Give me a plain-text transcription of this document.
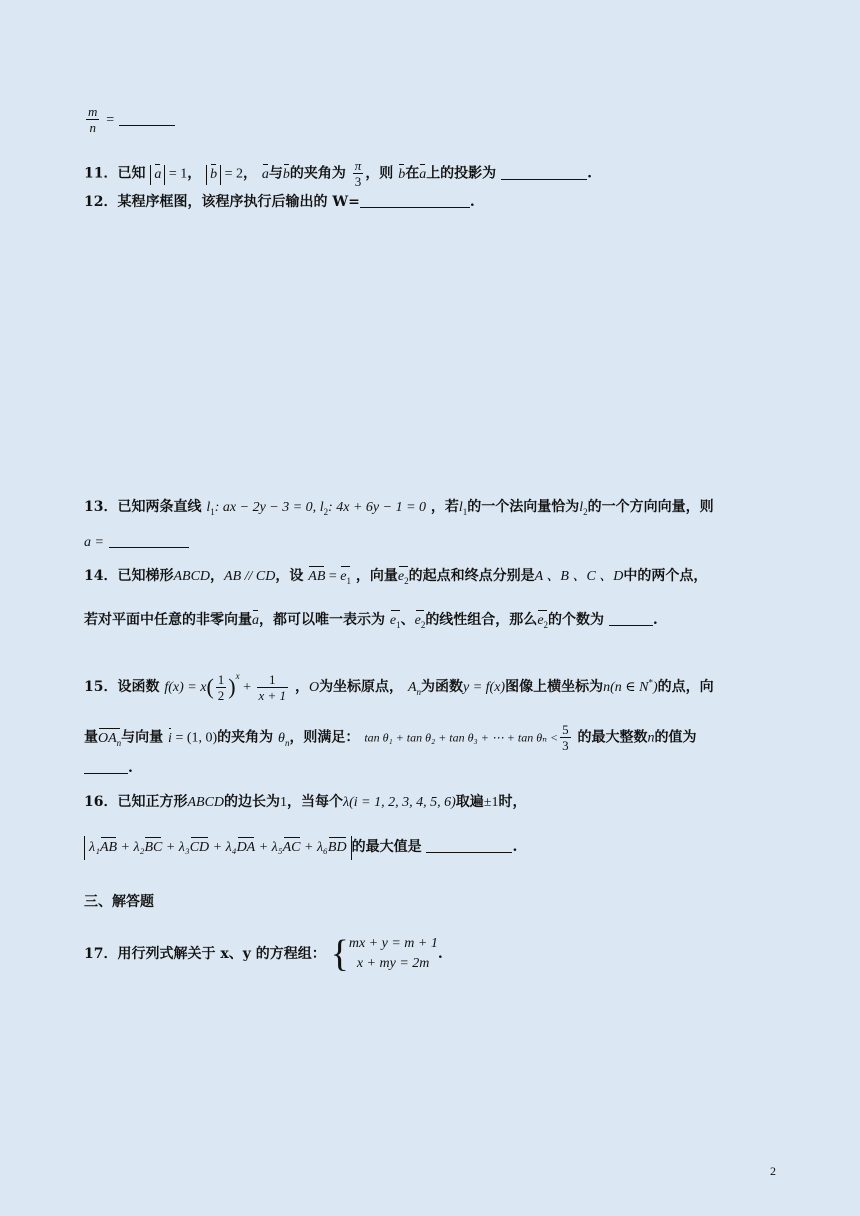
$\frac{m}{n}$ =
11．已知 a = 1， b = 2， a与b的夹角为 $\frac{\pi}{3}$ ，则 b在a上的投影为	.
12．某程序框图，该程序执行后输出的 W=	.
13．已知两条直线 $l_1$: ax − 2y − 3 = 0, $l_2$: 4x + 6y − 1 = 0 ，若$l_1$的一个法向量恰为$l_2$的一个方向向量，则
a =
14．已知梯形ABCD，AB // CD，设 AB = $e_1$ ，向量$e_2$的起点和终点分别是A 、B 、C 、D中的两个点，
若对平面中任意的非零向量a，都可以唯一表示为 $e_1$、$e_2$的线性组合，那么$e_2$的个数为	.
15．设函数 $f(x) = x( \frac{1}{2} )^x + \frac{1}{x + 1}$ ，O为坐标原点， $A_n$为函数y = f(x)图像上横坐标为n(n ∈ N*)的点，向
量$OA_n$与向量 i = (1, 0)的夹角为 $\theta_n$，则满足： tan θ₁ + tan θ₂ + tan θ₃ + ⋯ + $\tan \theta_n < \frac{5}{3}$ 的最大整数n的值为
.
16．已知正方形ABCD的边长为1，当每个λ(i = 1, 2, 3, 4, 5, 6)取遍±1时，
λ₁AB + λ₂BC + λ₃CD + λ₄DA + λ₅AC + λ₆BD 的最大值是	.
三、解答题
17．用行列式解关于 x、y 的方程组： { mx + y = m + 1
x + my = 2m
.
2
